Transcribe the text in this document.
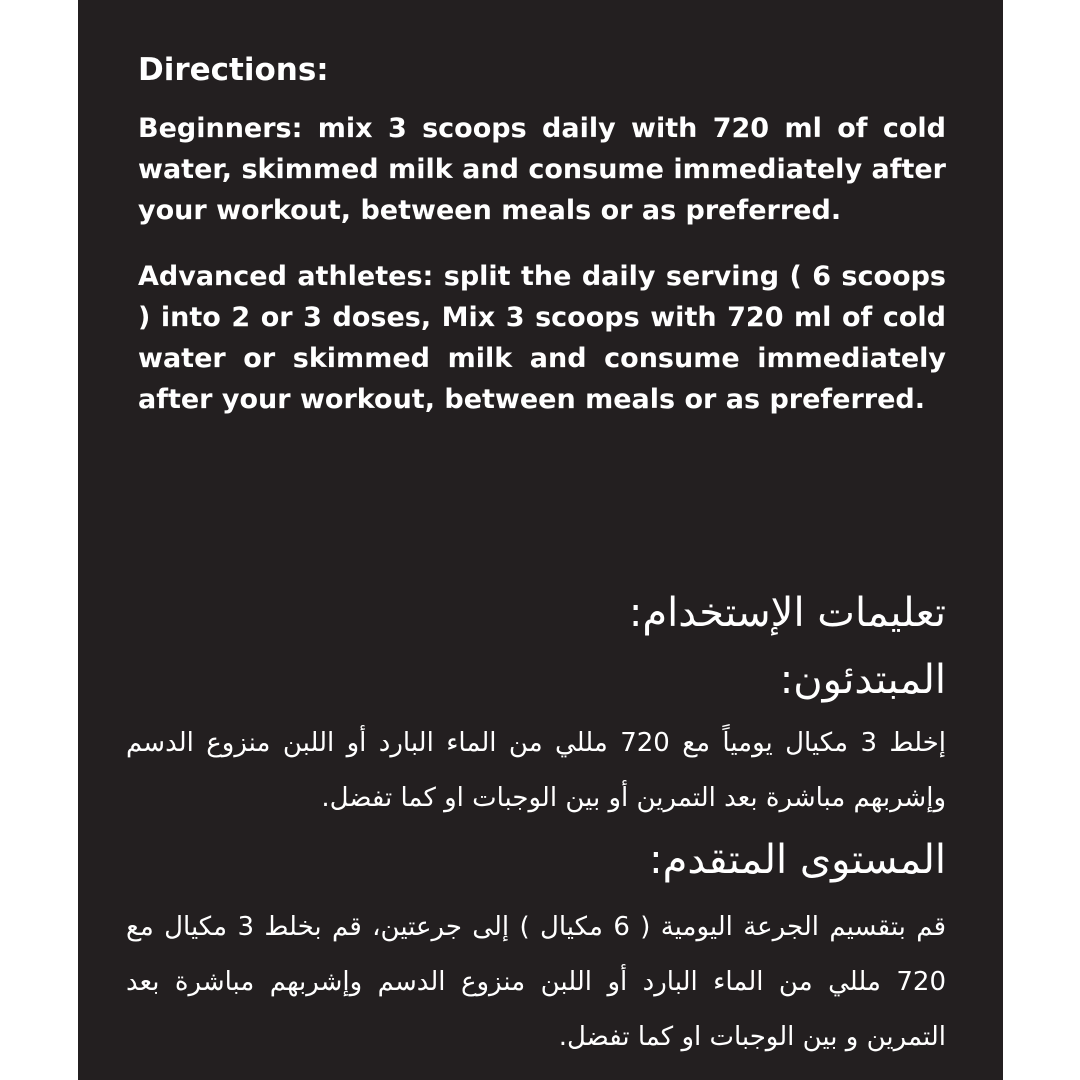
Directions:
Beginners: mix 3 scoops daily with 720 ml of cold water, skimmed milk and consume immediately after your workout, between meals or as preferred.
Advanced athletes: split the daily serving ( 6 scoops ) into 2 or 3 doses, Mix 3 scoops with 720 ml of cold water or skimmed milk and consume immediately after your workout, between meals or as preferred.
تعليمات الإستخدام:
المبتدئون:
إخلط 3 مكيال يومياً مع 720 مللي من الماء البارد أو اللبن منزوع الدسم وإشربهم مباشرة بعد التمرين أو بين الوجبات او كما تفضل.
المستوى المتقدم:
قم بتقسيم الجرعة اليومية ( 6 مكيال ) إلى جرعتين، قم بخلط 3 مكيال مع 720 مللي من الماء البارد أو اللبن منزوع الدسم وإشربهم مباشرة بعد التمرين و بين الوجبات او كما تفضل.
